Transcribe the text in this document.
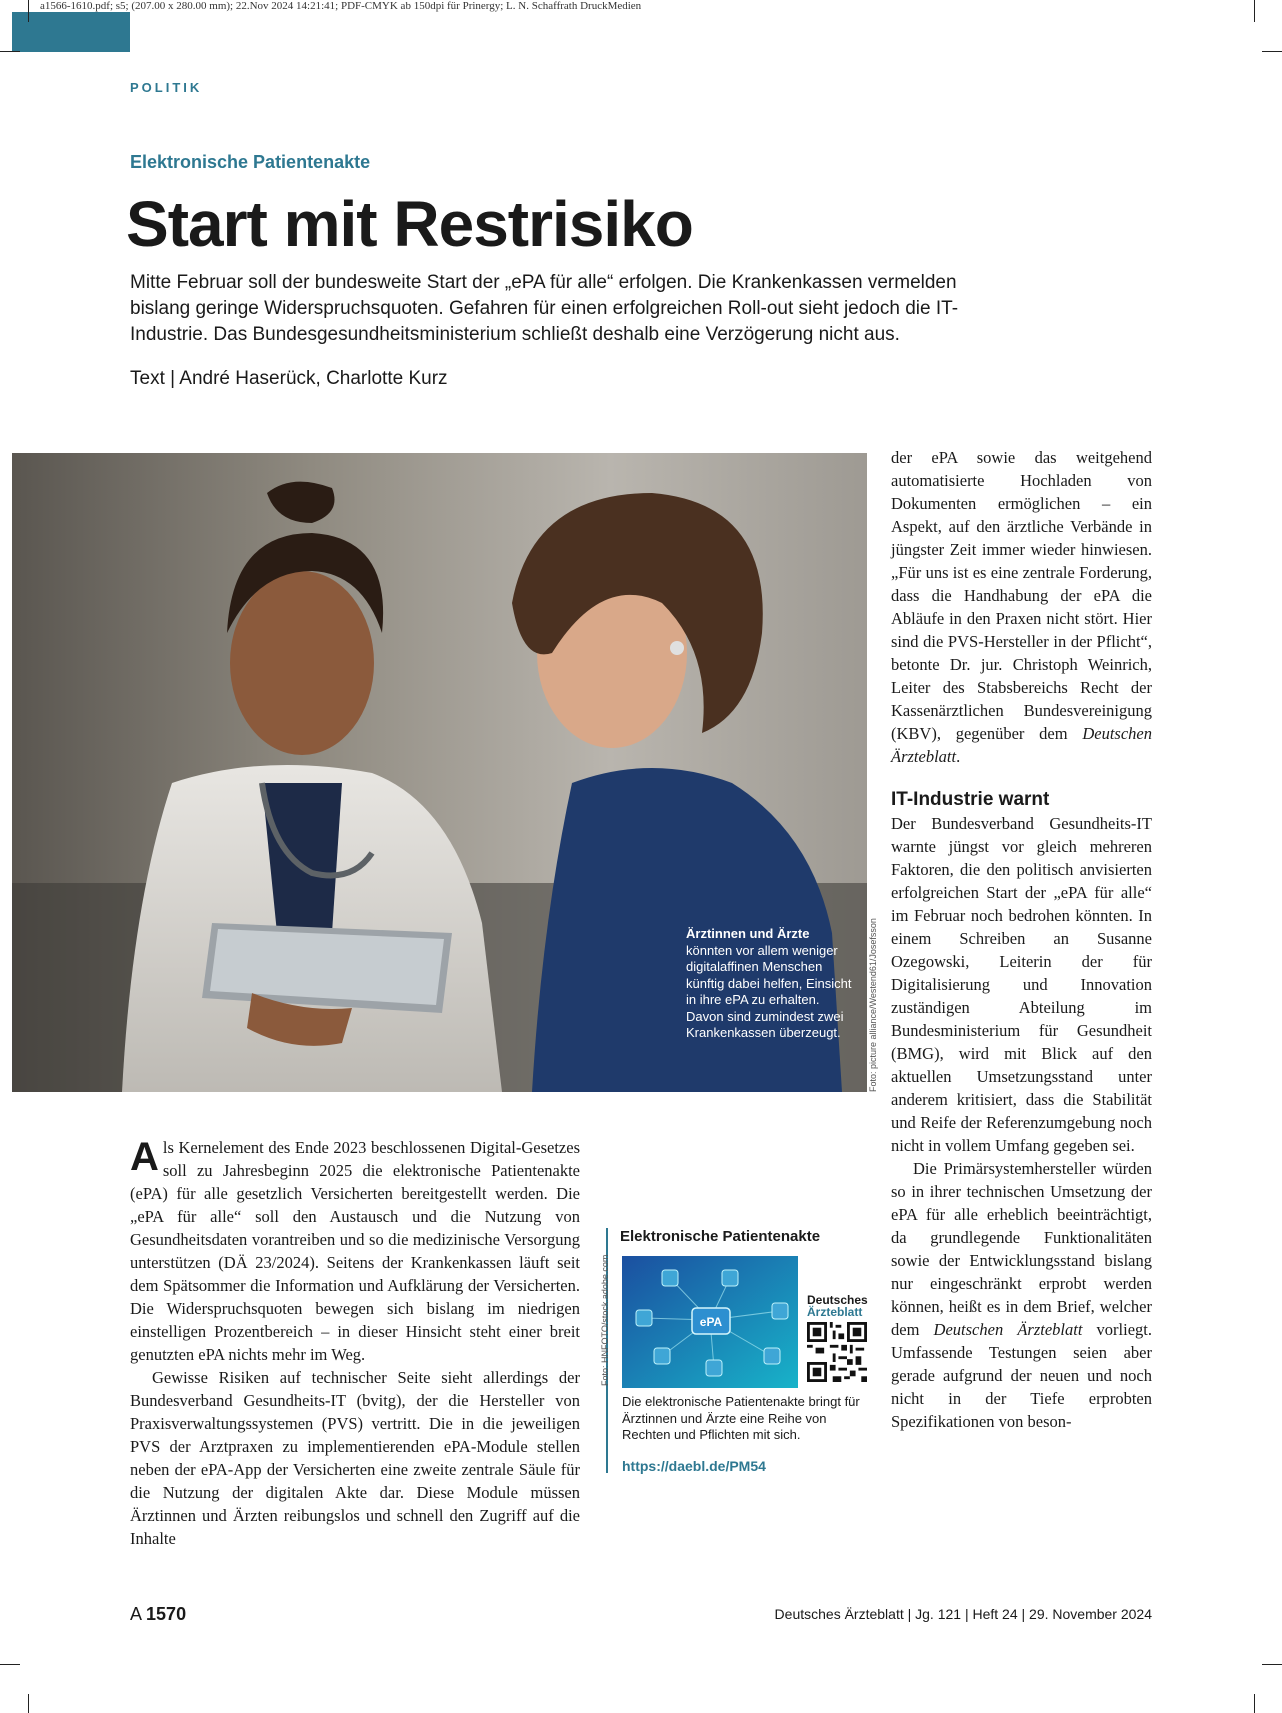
a1566-1610.pdf; s5; (207.00 x 280.00 mm); 22.Nov 2024 14:21:41; PDF-CMYK ab 150dpi für Prinergy; L. N. Schaffrath DruckMedien
POLITIK
Elektronische Patientenakte
Start mit Restrisiko

Mitte Februar soll der bundesweite Start der „ePA für alle“ erfolgen. Die Krankenkassen vermelden bislang geringe Widerspruchsquoten. Gefahren für einen erfolgreichen Roll-out sieht jedoch die IT-Industrie. Das Bundesgesundheitsministerium schließt deshalb eine Verzögerung nicht aus.

Text | André Haserück, Charlotte Kurz
Ärztinnen und Ärzte
könnten vor allem weniger digitalaffinen Menschen künftig dabei helfen, Einsicht in ihre ePA zu erhalten. Davon sind zumindest zwei Krankenkassen überzeugt.	Foto: picture alliance/Westend61/Josefsson

Als Kernelement des Ende 2023 beschlossenen Digital-Gesetzes soll zu Jahresbeginn 2025 die elektronische Patientenakte (ePA) für alle gesetzlich Versicherten bereitgestellt werden. Die „ePA für alle“ soll den Austausch und die Nutzung von Gesundheitsdaten vorantreiben und so die medizinische Versorgung unterstützen (DÄ 23/2024). Seitens der Krankenkassen läuft seit dem Spätsommer die Information und Aufklärung der Versicherten. Die Widerspruchsquoten bewegen sich bislang im niedrigen einstelligen Prozentbereich – in dieser Hinsicht steht einer breit genutzten ePA nichts mehr im Weg.

Gewisse Risiken auf technischer Seite sieht allerdings der Bundesverband Gesundheits-IT (bvitg), der die Hersteller von Praxisverwaltungssystemen (PVS) vertritt. Die in die jeweiligen PVS der Arztpraxen zu implementierenden ePA-Module stellen neben der ePA-App der Versicherten eine zweite zentrale Säule für die Nutzung der digitalen Akte dar. Diese Module müssen Ärztinnen und Ärzten reibungslos und schnell den Zugriff auf die Inhalte

Elektronische Patientenakte
ePA
Deutsches
Ärzteblatt
Die elektronische Patientenakte bringt für Ärztinnen und Ärzte eine Reihe von Rechten und Pflichten mit sich.
https://daebl.de/PM54
Foto: HNFOTO/stock.adobe.com

der ePA sowie das weitgehend automatisierte Hochladen von Dokumenten ermöglichen – ein Aspekt, auf den ärztliche Verbände in jüngster Zeit immer wieder hinwiesen. „Für uns ist es eine zentrale Forderung, dass die Handhabung der ePA die Abläufe in den Praxen nicht stört. Hier sind die PVS-Hersteller in der Pflicht“, betonte Dr. jur. Christoph Weinrich, Leiter des Stabsbereichs Recht der Kassenärztlichen Bundesvereinigung (KBV), gegenüber dem Deutschen Ärzteblatt.

IT-Industrie warnt

Der Bundesverband Gesundheits-IT warnte jüngst vor gleich mehreren Faktoren, die den politisch anvisierten erfolgreichen Start der „ePA für alle“ im Februar noch bedrohen könnten. In einem Schreiben an Susanne Ozegowski, Leiterin der für Digitalisierung und Innovation zuständigen Abteilung im Bundesministerium für Gesundheit (BMG), wird mit Blick auf den aktuellen Umsetzungsstand unter anderem kritisiert, dass die Stabilität und Reife der Referenzumgebung noch nicht in vollem Umfang gegeben sei.

Die Primärsystemhersteller würden so in ihrer technischen Umsetzung der ePA für alle erheblich beeinträchtigt, da grundlegende Funktionalitäten sowie der Entwicklungsstand bislang nur eingeschränkt erprobt werden können, heißt es in dem Brief, welcher dem Deutschen Ärzteblatt vorliegt. Umfassende Testungen seien aber gerade aufgrund der neuen und noch nicht in der Tiefe erprobten Spezifikationen von beson-

A 1570	Deutsches Ärzteblatt | Jg. 121 | Heft 24 | 29. November 2024
